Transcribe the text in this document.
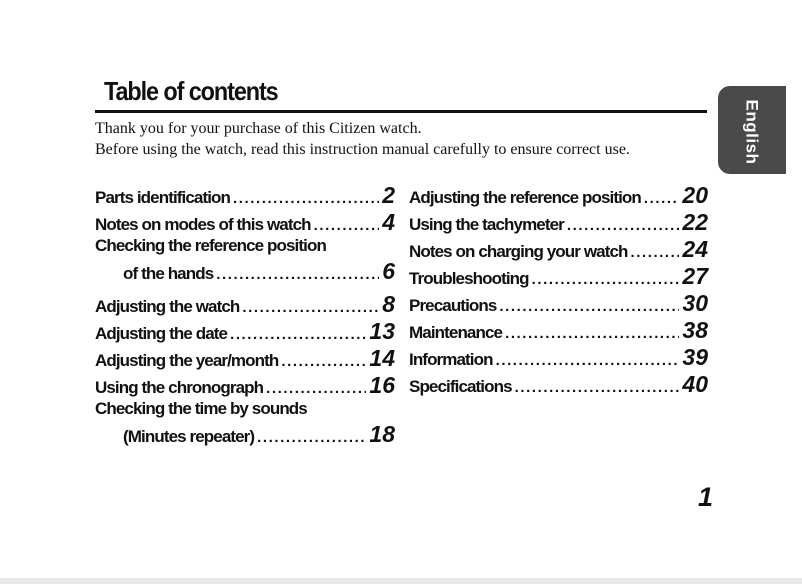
Table of contents
Thank you for your purchase of this Citizen watch.
Before using the watch, read this instruction manual carefully to ensure correct use.	English
Parts identification . . .	2
Notes on modes of this watch . . .	4
Checking the reference position
of the hands . . .	6
Adjusting the watch . . .	8
Adjusting the date . . .	13
Adjusting the year/month . . .	14
Using the chronograph . . .	16
Checking the time by sounds
(Minutes repeater) . . .	18
Adjusting the reference position . . . 20
Using the tachymeter . . .	22
Notes on charging your watch . . . 24
Troubleshooting . . .	27
Precautions . . .	30
Maintenance . . .	38
Information . . .	39
Specifications . . .	40
1
